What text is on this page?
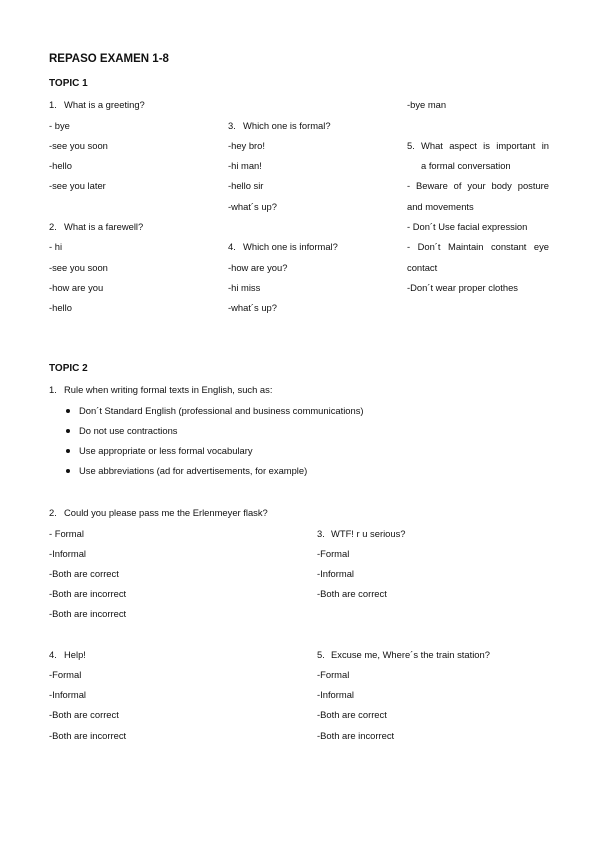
REPASO EXAMEN 1-8
TOPIC 1
1. What is a greeting?
- bye
-see you soon
-hello
-see you later
2. What is a farewell?
- hi
-see you soon
-how are you
-hello
3. Which one is formal?
-hey bro!
-hi man!
-hello sir
-what´s up?
4. Which one is informal?
-how are you?
-hi miss
-what´s up?
-bye man
5. What aspect is important in
a formal conversation
- Beware of your body posture
and movements
- Don´t Use facial expression
- Don´t Maintain constant eye
contact
-Don´t wear proper clothes
TOPIC 2
1. Rule when writing formal texts in English, such as:
Don´t Standard English (professional and business communications)
Do not use contractions
Use appropriate or less formal vocabulary
Use abbreviations (ad for advertisements, for example)
2. Could you please pass me the Erlenmeyer flask?
- Formal
-Informal
-Both are correct
-Both are incorrect
-Both are incorrect
3. WTF! r u serious?
-Formal
-Informal
-Both are correct
4. Help!
-Formal
-Informal
-Both are correct
-Both are incorrect
5. Excuse me, Where´s the train station?
-Formal
-Informal
-Both are correct
-Both are incorrect
